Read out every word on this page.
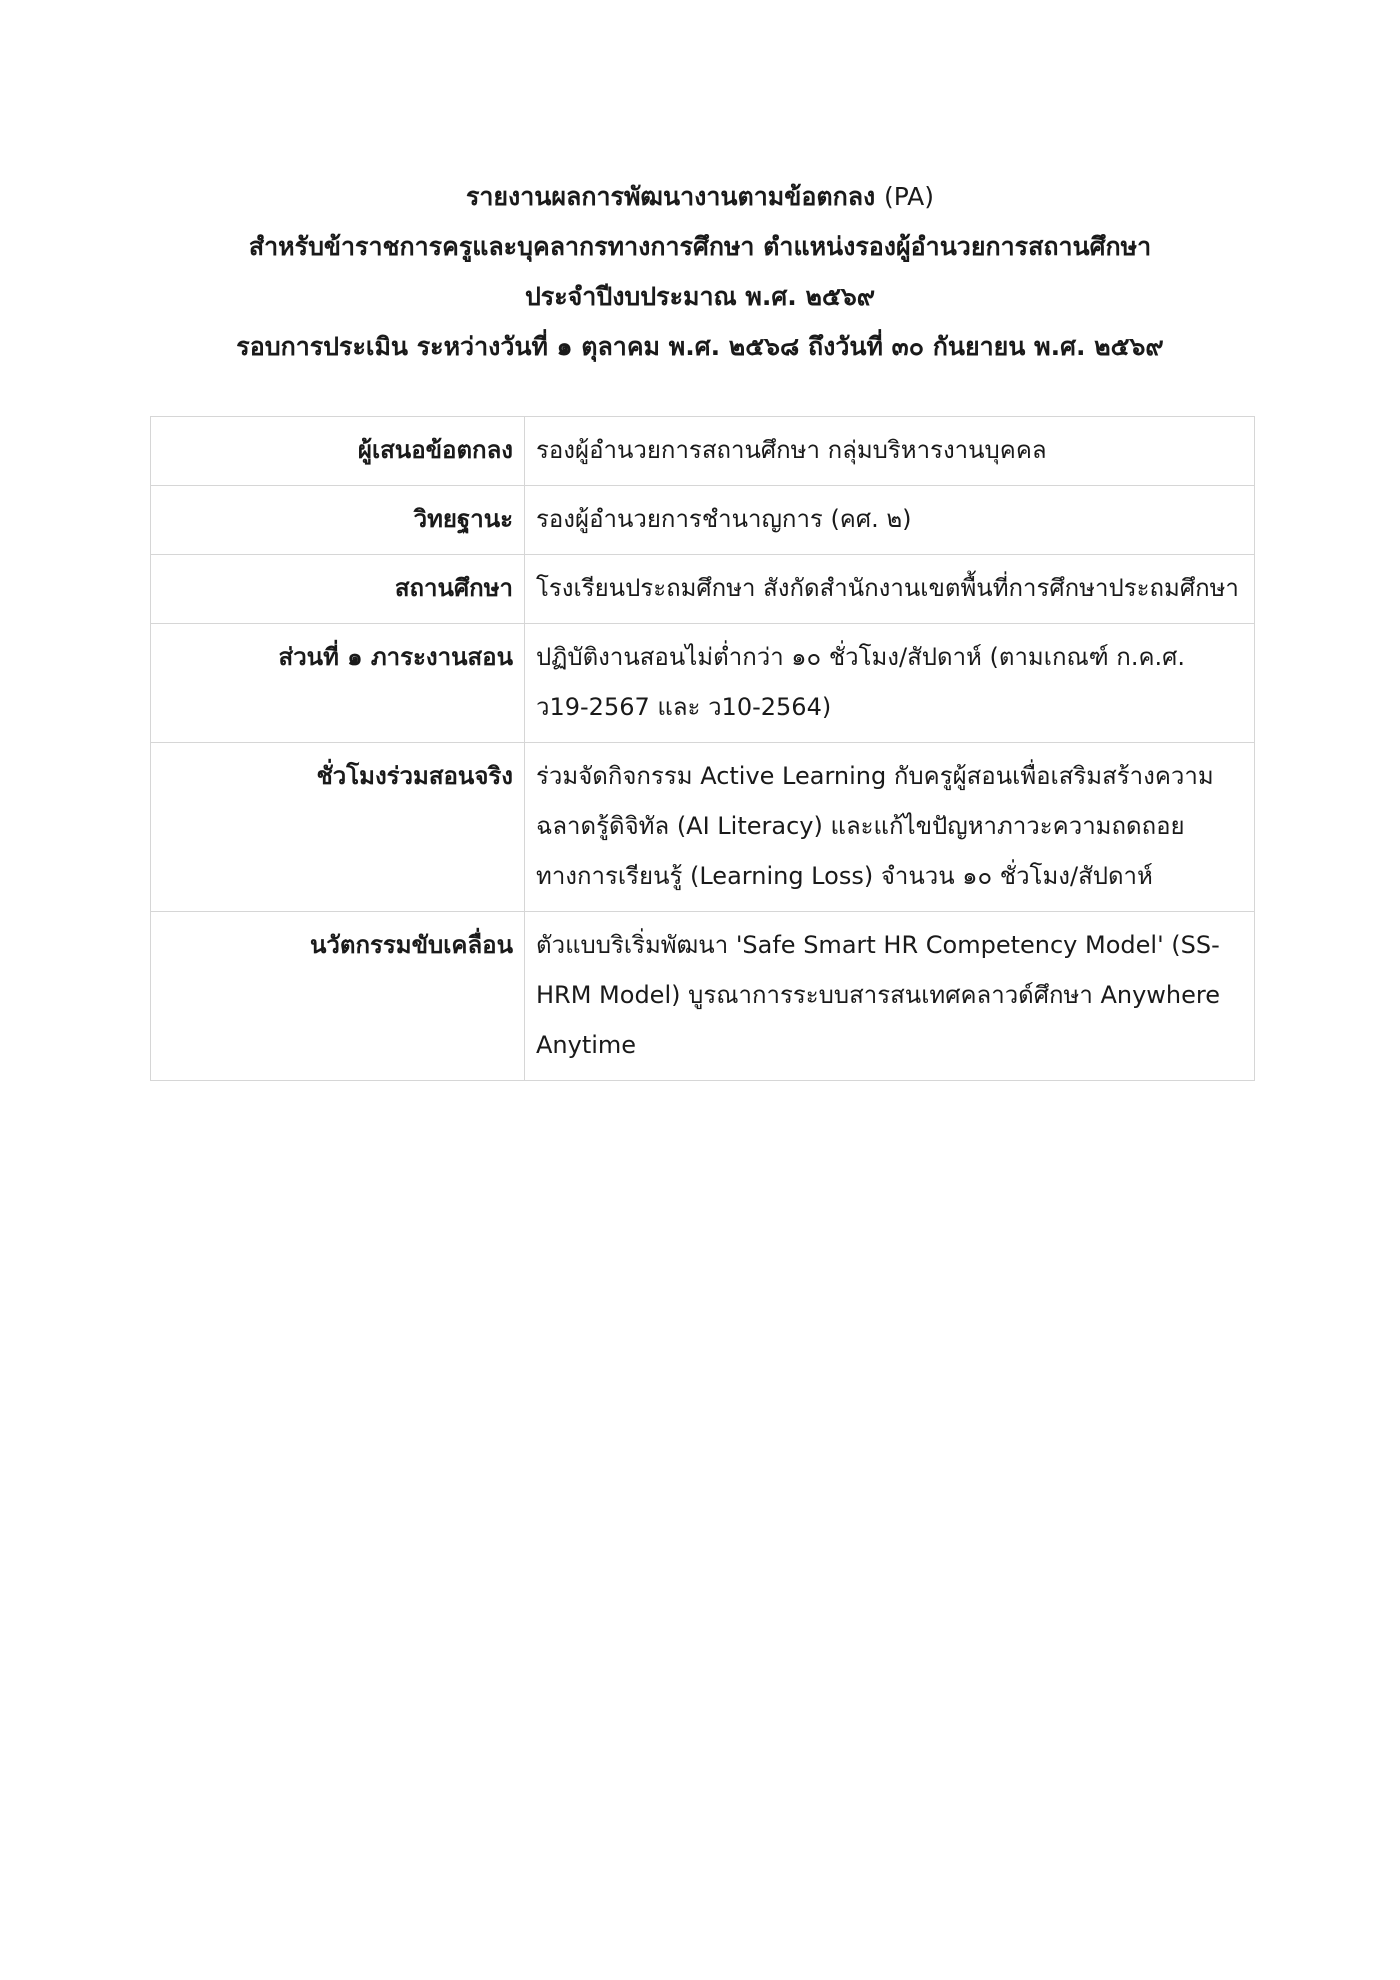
รายงานผลการพัฒนางานตามข้อตกลง (PA)
สำหรับข้าราชการครูและบุคลากรทางการศึกษา ตำแหน่งรองผู้อำนวยการสถานศึกษา
ประจำปีงบประมาณ พ.ศ. ๒๕๖๙
รอบการประเมิน ระหว่างวันที่ ๑ ตุลาคม พ.ศ. ๒๕๖๘ ถึงวันที่ ๓๐ กันยายน พ.ศ. ๒๕๖๙
ผู้เสนอข้อตกลง	รองผู้อำนวยการสถานศึกษา กลุ่มบริหารงานบุคคล
วิทยฐานะ	รองผู้อำนวยการชำนาญการ (คศ. ๒)
สถานศึกษา	โรงเรียนประถมศึกษา สังกัดสำนักงานเขตพื้นที่การศึกษาประถมศึกษา
ส่วนที่ ๑ ภาระงานสอน	ปฏิบัติงานสอนไม่ต่ำกว่า ๑๐ ชั่วโมง/สัปดาห์ (ตามเกณฑ์ ก.ค.ศ. ว19-2567 และ ว10-2564)
ชั่วโมงร่วมสอนจริง	ร่วมจัดกิจกรรม Active Learning กับครูผู้สอนเพื่อเสริมสร้างความฉลาดรู้ดิจิทัล (AI Literacy) และแก้ไขปัญหาภาวะความถดถอยทางการเรียนรู้ (Learning Loss) จำนวน ๑๐ ชั่วโมง/สัปดาห์
นวัตกรรมขับเคลื่อน	ตัวแบบริเริ่มพัฒนา 'Safe Smart HR Competency Model' (SS-HRM Model) บูรณาการระบบสารสนเทศคลาวด์ศึกษา Anywhere Anytime
